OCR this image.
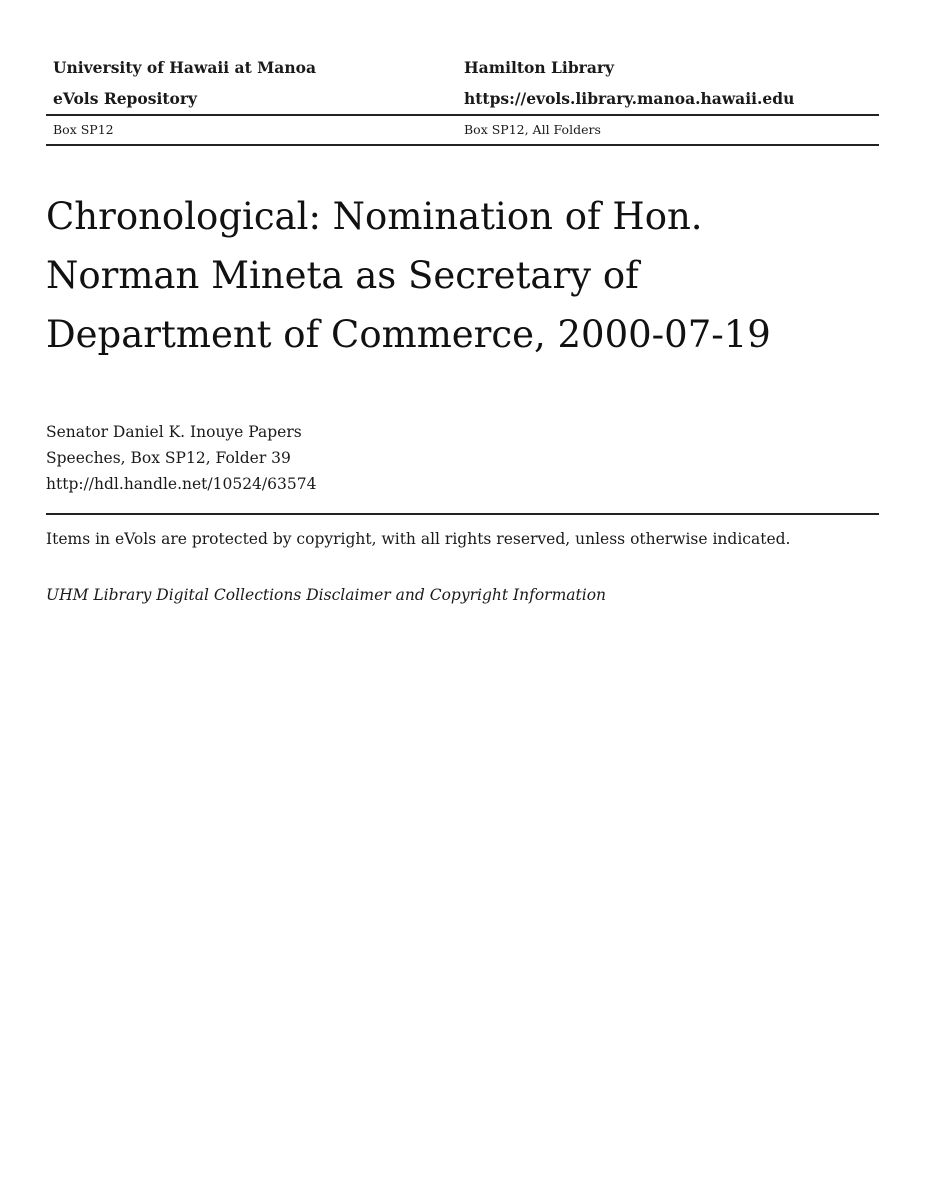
University of Hawaii at Manoa	Hamilton Library
eVols Repository	https://evols.library.manoa.hawaii.edu
Box SP12	Box SP12, All Folders
Chronological: Nomination of Hon. Norman Mineta as Secretary of Department of Commerce, 2000-07-19
Senator Daniel K. Inouye Papers
Speeches, Box SP12, Folder 39
http://hdl.handle.net/10524/63574
Items in eVols are protected by copyright, with all rights reserved, unless otherwise indicated.
UHM Library Digital Collections Disclaimer and Copyright Information
